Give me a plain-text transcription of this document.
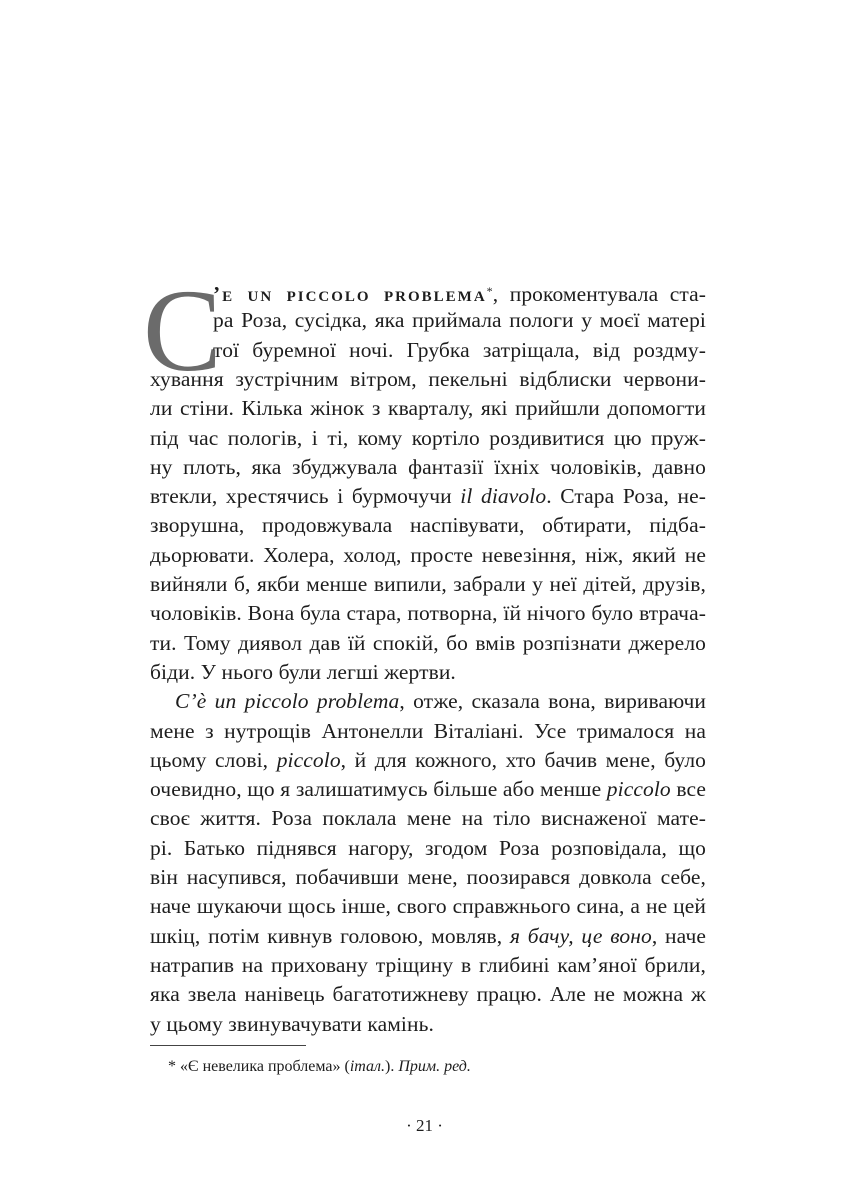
C
’e un piccolo problema*, прокоментувала ста-
ра Роза, сусідка, яка приймала пологи у моєї матері
тої буремної ночі. Грубка затріщала, від роздму-
хування зустрічним вітром, пекельні відблиски червони-
ли стіни. Кілька жінок з кварталу, які прийшли допомогти
під час пологів, і ті, кому кортіло роздивитися цю пруж-
ну плоть, яка збуджувала фантазії їхніх чоловіків, давно
втекли, хрестячись і бурмочучи il diavolo. Стара Роза, не-
зворушна, продовжувала наспівувати, обтирати, підба-
дьорювати. Холера, холод, просте невезіння, ніж, який не
вийняли б, якби менше випили, забрали у неї дітей, друзів,
чоловіків. Вона була стара, потворна, їй нічого було втрача-
ти. Тому диявол дав їй спокій, бо вмів розпізнати джерело
біди. У нього були легші жертви.
C’è un piccolo problema, отже, сказала вона, вириваючи
мене з нутрощів Антонелли Віталіані. Усе трималося на
цьому слові, piccolo, й для кожного, хто бачив мене, було
очевидно, що я залишатимусь більше або менше piccolo все
своє життя. Роза поклала мене на тіло виснаженої мате-
рі. Батько піднявся нагору, згодом Роза розповідала, що
він насупився, побачивши мене, поозирався довкола себе,
наче шукаючи щось інше, свого справжнього сина, а не цей
шкіц, потім кивнув головою, мовляв, я бачу, це воно, наче
натрапив на приховану тріщину в глибині кам’яної брили,
яка звела нанівець багатотижневу працю. Але не можна ж
у цьому звинувачувати камінь.
* «Є невелика проблема» (італ.). Прим. ред.
· 21 ·
